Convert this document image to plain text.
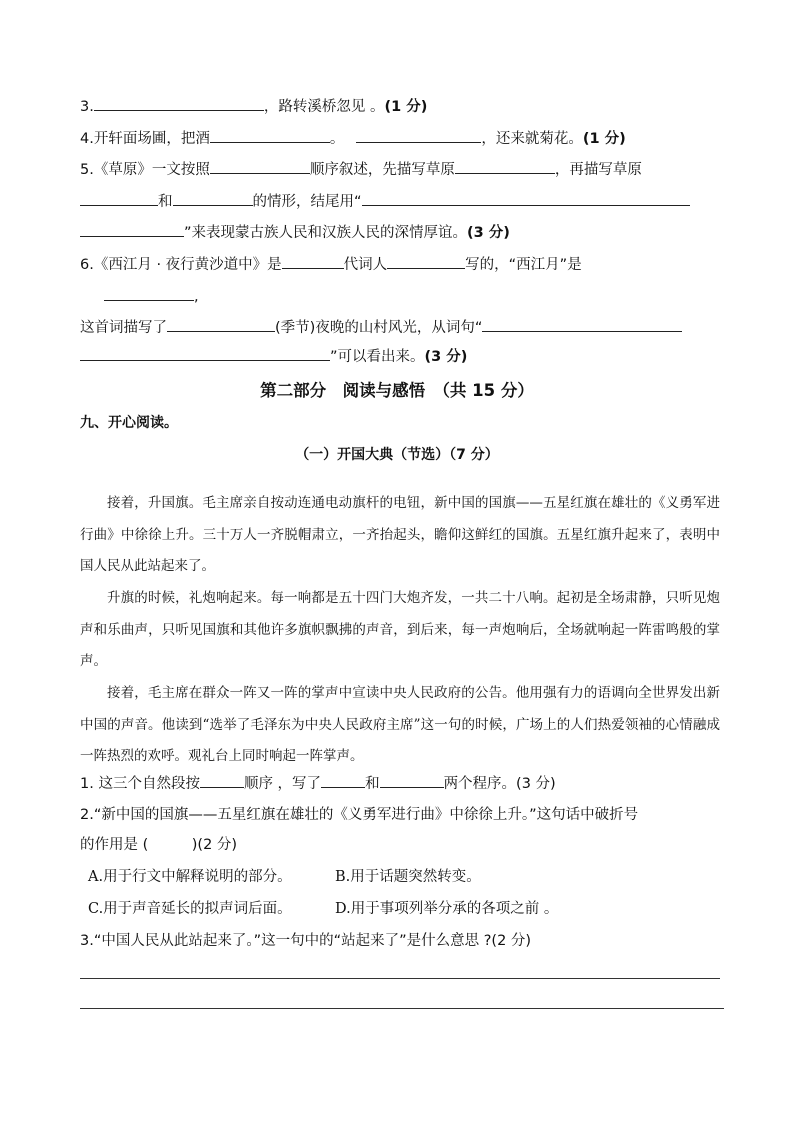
3.	，路转溪桥忽见 。(1 分)
4.开轩面场圃，把酒	。	，还来就菊花。(1 分)
5.《草原》一文按照	顺序叙述，先描写草原	，再描写草原
和	的情形，结尾用“
”来表现蒙古族人民和汉族人民的深情厚谊。(3 分)
6.《西江月 · 夜行黄沙道中》是	代词人	写的，“西江月”是
,
这首词描写了	(季节)夜晚的山村风光，从词句“
”可以看出来。(3 分)
第二部分　阅读与感悟　（共 15 分）
九、开心阅读。
（一）开国大典（节选）（7 分）
接着，升国旗。毛主席亲自按动连通电动旗杆的电钮，新中国的国旗——五星红旗在雄壮的《义勇军进行曲》中徐徐上升。三十万人一齐脱帽肃立，一齐抬起头，瞻仰这鲜红的国旗。五星红旗升起来了，表明中国人民从此站起来了。
升旗的时候，礼炮响起来。每一响都是五十四门大炮齐发，一共二十八响。起初是全场肃静，只听见炮声和乐曲声，只听见国旗和其他许多旗帜飘拂的声音，到后来，每一声炮响后，全场就响起一阵雷鸣般的掌声。
接着，毛主席在群众一阵又一阵的掌声中宣读中央人民政府的公告。他用强有力的语调向全世界发出新中国的声音。他读到“选举了毛泽东为中央人民政府主席”这一句的时候，广场上的人们热爱领袖的心情融成一阵热烈的欢呼。观礼台上同时响起一阵掌声。
1. 这三个自然段按	顺序 ，写了	和	两个程序。(3 分)
2.“新中国的国旗——五星红旗在雄壮的《义勇军进行曲》中徐徐上升。”这句话中破折号
的作用是 (　　　)(2 分)
A.用于行文中解释说明的部分。	B.用于话题突然转变。
C.用于声音延长的拟声词后面。	D.用于事项列举分承的各项之前 。
3.“中国人民从此站起来了。”这一句中的“站起来了”是什么意思 ?(2 分)
